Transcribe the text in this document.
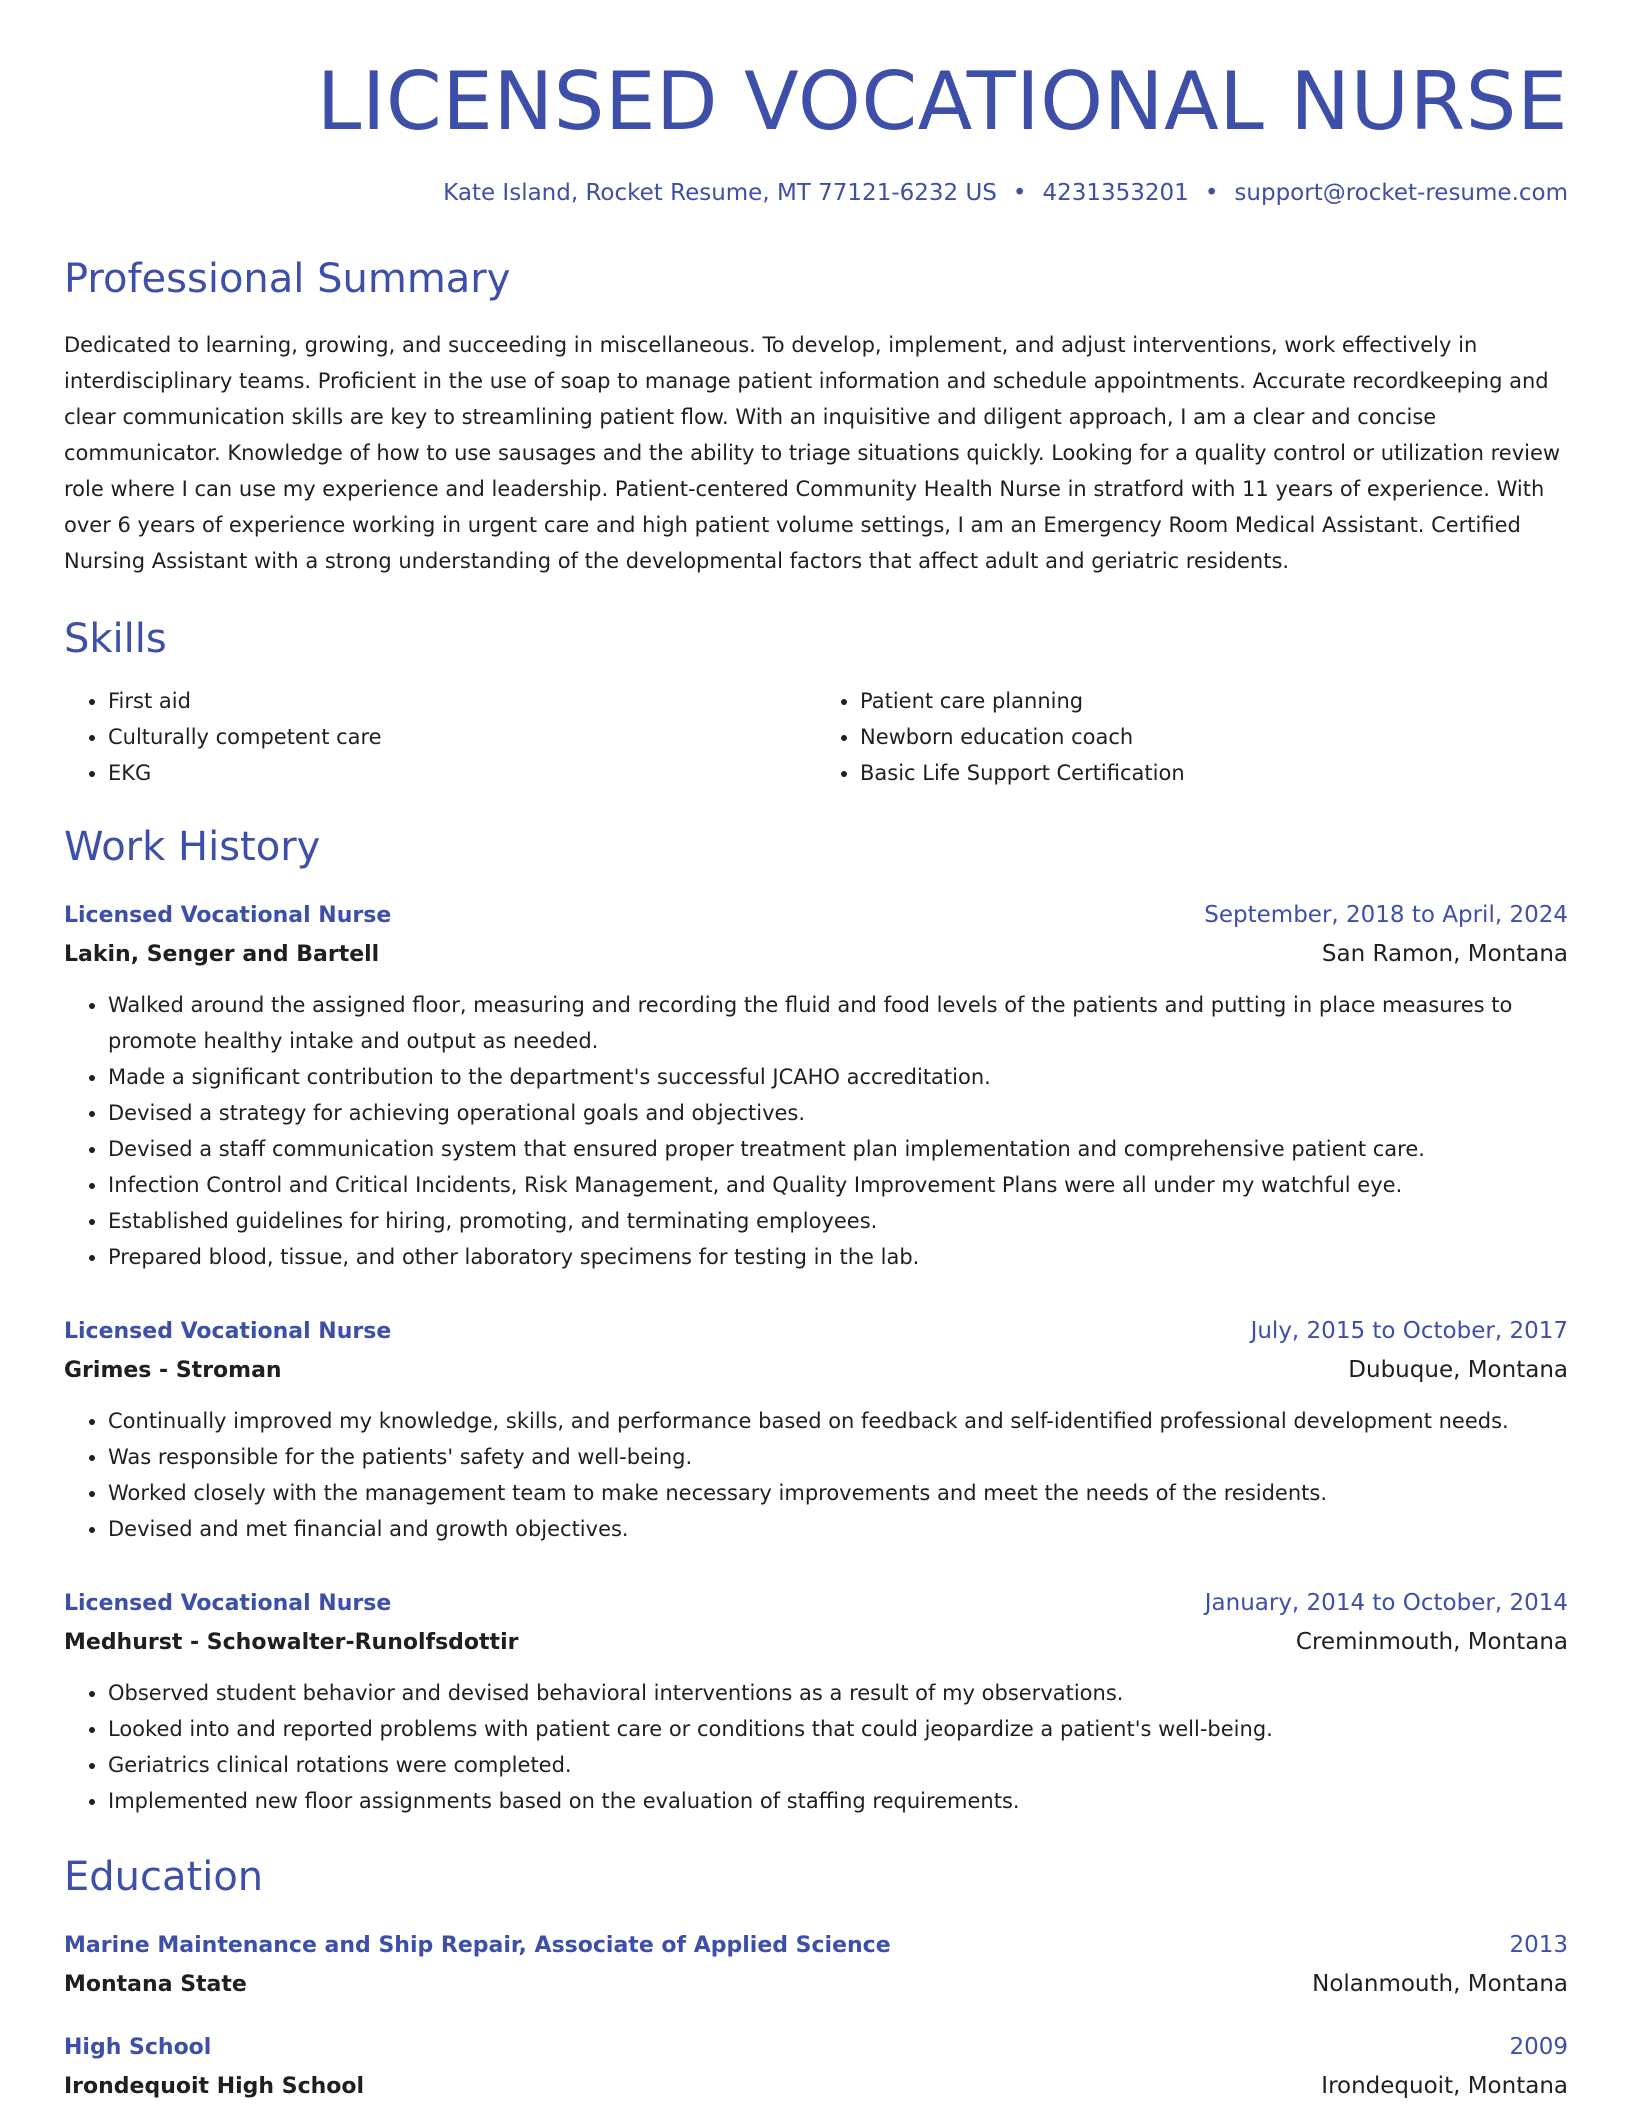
LICENSED VOCATIONAL NURSE
Kate Island, Rocket Resume, MT 77121-6232 US • 4231353201 • support@rocket-resume.com
Professional Summary

Dedicated to learning, growing, and succeeding in miscellaneous. To develop, implement, and adjust interventions, work effectively in interdisciplinary teams. Proficient in the use of soap to manage patient information and schedule appointments. Accurate recordkeeping and clear communication skills are key to streamlining patient flow. With an inquisitive and diligent approach, I am a clear and concise communicator. Knowledge of how to use sausages and the ability to triage situations quickly. Looking for a quality control or utilization review role where I can use my experience and leadership. Patient-centered Community Health Nurse in stratford with 11 years of experience. With over 6 years of experience working in urgent care and high patient volume settings, I am an Emergency Room Medical Assistant. Certified Nursing Assistant with a strong understanding of the developmental factors that affect adult and geriatric residents.

Skills
• First aid
• Culturally competent care
• EKG
• Patient care planning
• Newborn education coach
• Basic Life Support Certification
Work History
Licensed Vocational Nurse	September, 2018 to April, 2024
Lakin, Senger and Bartell	San Ramon, Montana
• Walked around the assigned floor, measuring and recording the fluid and food levels of the patients and putting in place measures to promote healthy intake and output as needed.
• Made a significant contribution to the department's successful JCAHO accreditation.
• Devised a strategy for achieving operational goals and objectives.
• Devised a staff communication system that ensured proper treatment plan implementation and comprehensive patient care.
• Infection Control and Critical Incidents, Risk Management, and Quality Improvement Plans were all under my watchful eye.
• Established guidelines for hiring, promoting, and terminating employees.
• Prepared blood, tissue, and other laboratory specimens for testing in the lab.
Licensed Vocational Nurse	July, 2015 to October, 2017
Grimes - Stroman	Dubuque, Montana
• Continually improved my knowledge, skills, and performance based on feedback and self-identified professional development needs.
• Was responsible for the patients' safety and well-being.
• Worked closely with the management team to make necessary improvements and meet the needs of the residents.
• Devised and met financial and growth objectives.
Licensed Vocational Nurse	January, 2014 to October, 2014
Medhurst - Schowalter-Runolfsdottir	Creminmouth, Montana
• Observed student behavior and devised behavioral interventions as a result of my observations.
• Looked into and reported problems with patient care or conditions that could jeopardize a patient's well-being.
• Geriatrics clinical rotations were completed.
• Implemented new floor assignments based on the evaluation of staffing requirements.
Education
Marine Maintenance and Ship Repair, Associate of Applied Science	2013
Montana State	Nolanmouth, Montana
High School	2009
Irondequoit High School	Irondequoit, Montana
